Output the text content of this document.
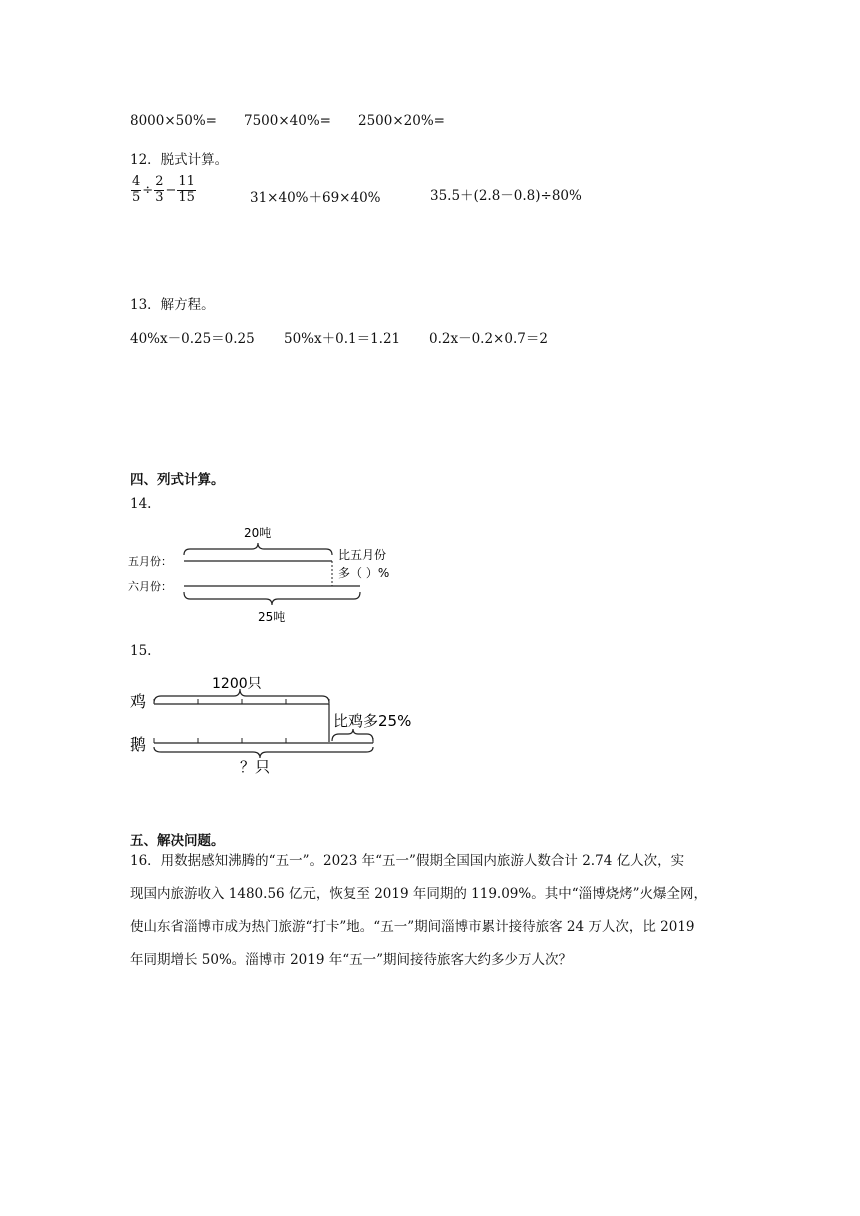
8000×50%= 7500×40%= 2500×20%=
12．脱式计算。
$\frac{4}{5} \div \frac{2}{3} - \frac{11}{15}$	31×40%＋69×40%	35.5＋(2.8－0.8)÷80%
13．解方程。
40%x－0.25＝0.25 50%x＋0.1＝1.21 0.2x－0.2×0.7＝2
四、列式计算。
14.
20吨
五月份：	比五月份
多（ ）%
六月份：
25吨
15.
1200只
鸡
比鸡多25%
鹅
？只
五、解决问题。
16．用数据感知沸腾的“五一”。2023 年“五一”假期全国国内旅游人数合计 2.74 亿人次，实
现国内旅游收入 1480.56 亿元，恢复至 2019 年同期的 119.09%。其中“淄博烧烤”火爆全网，
使山东省淄博市成为热门旅游“打卡”地。“五一”期间淄博市累计接待旅客 24 万人次，比 2019
年同期增长 50%。淄博市 2019 年“五一”期间接待旅客大约多少万人次？
